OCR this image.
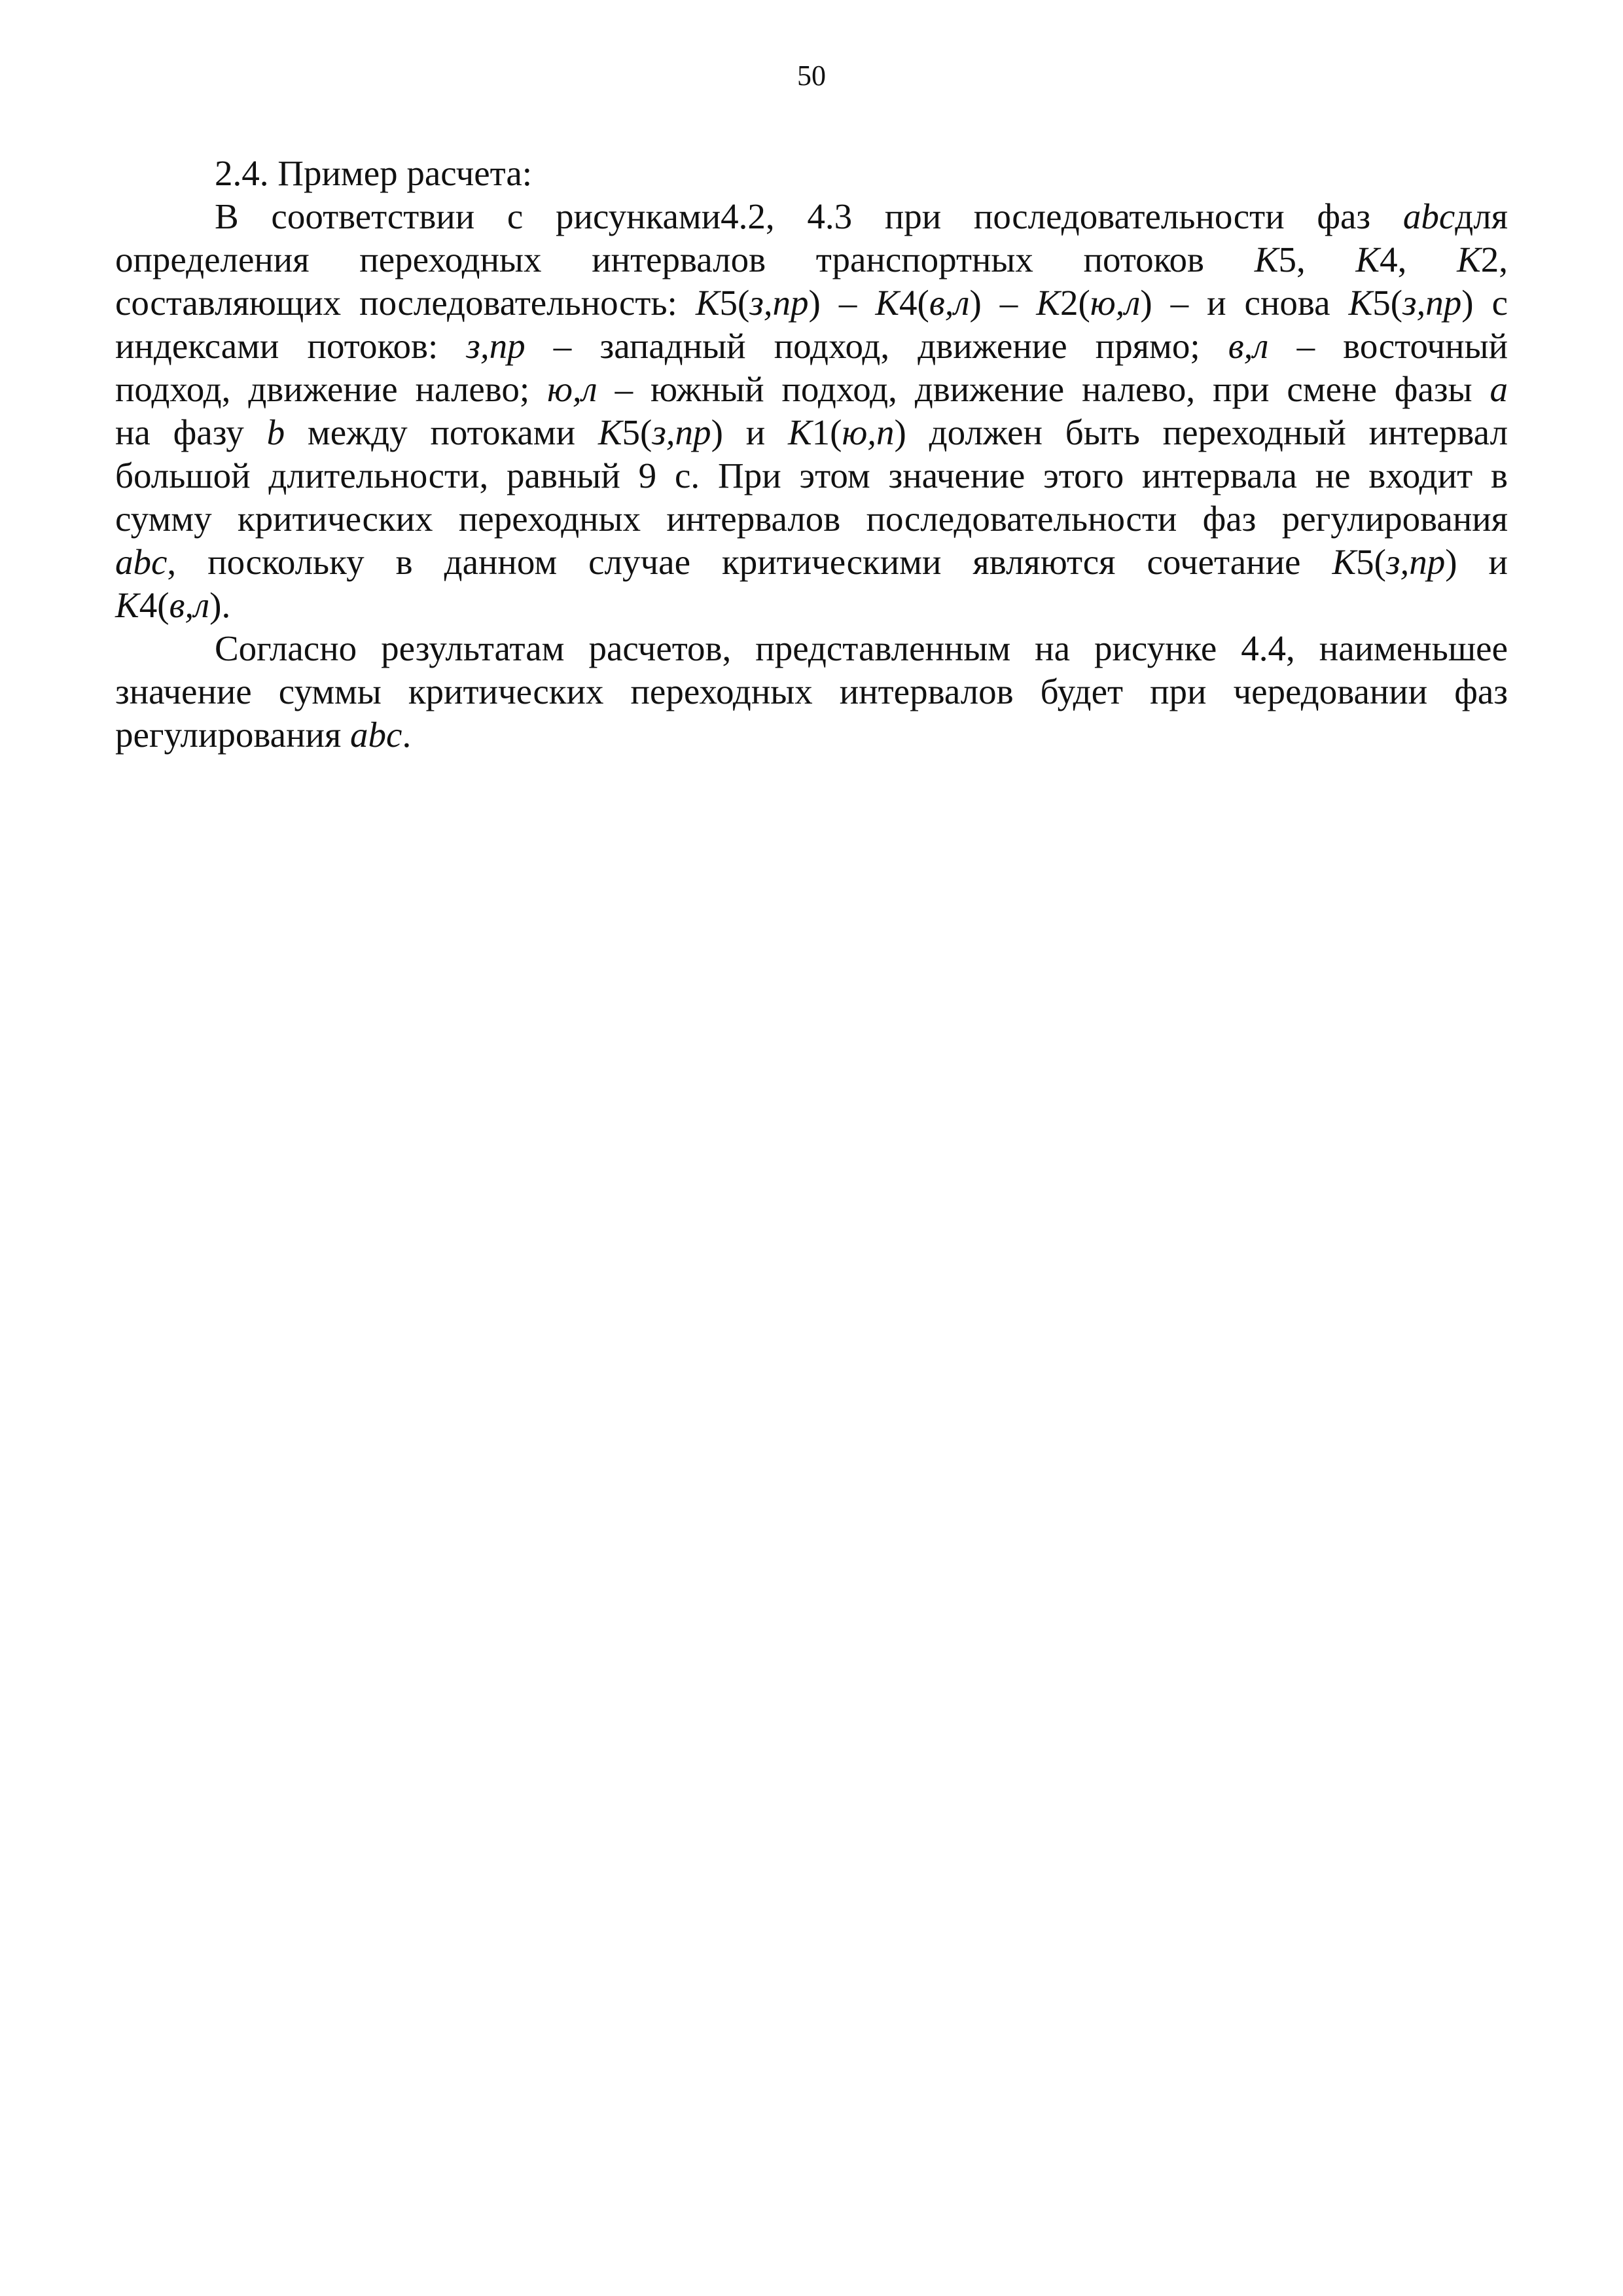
50
2.4. Пример расчета:
В соответствии с рисунками4.2, 4.3 при последовательности фаз abcдля
определения переходных интервалов транспортных потоков K5, K4, K2,
составляющих последовательность: K5(з,пр) – K4(в,л) – K2(ю,л) – и снова K5(з,пр) с
индексами потоков: з,пр – западный подход, движение прямо; в,л – восточный
подход, движение налево; ю,л – южный подход, движение налево, при смене фазы a
на фазу b между потоками K5(з,пр) и K1(ю,п) должен быть переходный интервал
большой длительности, равный 9 с. При этом значение этого интервала не входит в
сумму критических переходных интервалов последовательности фаз регулирования
abc, поскольку в данном случае критическими являются сочетание K5(з,пр) и
K4(в,л).
Согласно результатам расчетов, представленным на рисунке 4.4, наименьшее
значение суммы критических переходных интервалов будет при чередовании фаз
регулирования abc.
